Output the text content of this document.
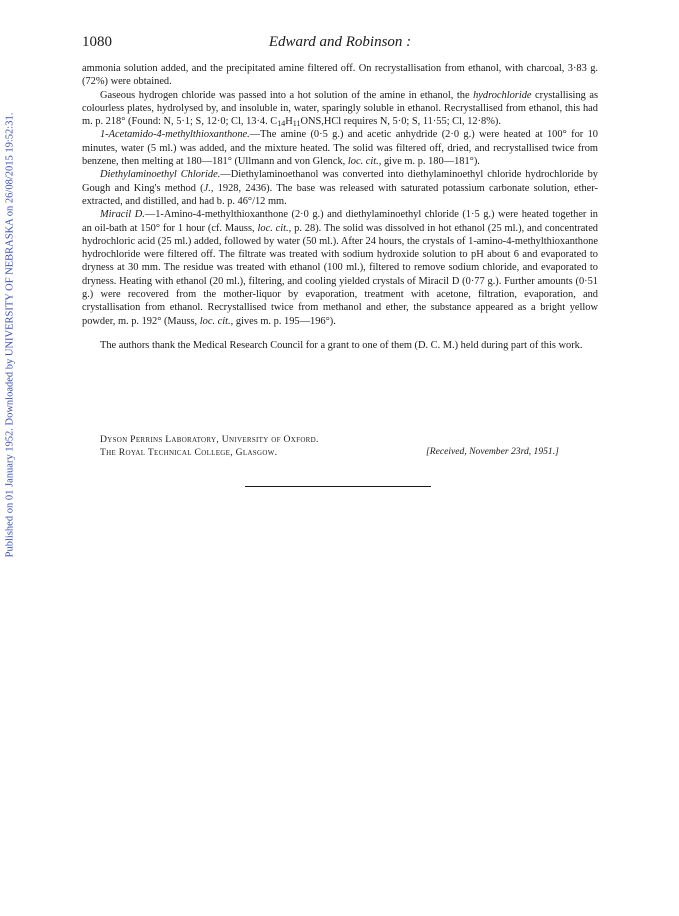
Published on 01 January 1952. Downloaded by UNIVERSITY OF NEBRASKA on 26/08/2015 19:52:31.
1080	Edward and Robinson :

ammonia solution added, and the precipitated amine filtered off. On recrystallisation from ethanol, with charcoal, 3·83 g. (72%) were obtained.

Gaseous hydrogen chloride was passed into a hot solution of the amine in ethanol, the hydrochloride crystallising as colourless plates, hydrolysed by, and insoluble in, water, sparingly soluble in ethanol. Recrystallised from ethanol, this had m. p. 218° (Found: N, 5·1; S, 12·0; Cl, 13·4. $C_{14}H_{11}ONS,HCl$ requires N, 5·0; S, 11·55; Cl, 12·8%).

1-Acetamido-4-methylthioxanthone.—The amine (0·5 g.) and acetic anhydride (2·0 g.) were heated at 100° for 10 minutes, water (5 ml.) was added, and the mixture heated. The solid was filtered off, dried, and recrystallised twice from benzene, then melting at 180—181° (Ullmann and von Glenck, loc. cit., give m. p. 180—181°).

Diethylaminoethyl Chloride.—Diethylaminoethanol was converted into diethylaminoethyl chloride hydrochloride by Gough and King's method (J., 1928, 2436). The base was released with saturated potassium carbonate solution, ether-extracted, and distilled, and had b. p. 46°/12 mm.

Miracil D.—1-Amino-4-methylthioxanthone (2·0 g.) and diethylaminoethyl chloride (1·5 g.) were heated together in an oil-bath at 150° for 1 hour (cf. Mauss, loc. cit., p. 28). The solid was dissolved in hot ethanol (25 ml.), and concentrated hydrochloric acid (25 ml.) added, followed by water (50 ml.). After 24 hours, the crystals of 1-amino-4-methylthioxanthone hydrochloride were filtered off. The filtrate was treated with sodium hydroxide solution to pH about 6 and evaporated to dryness at 30 mm. The residue was treated with ethanol (100 ml.), filtered to remove sodium chloride, and evaporated to dryness. Heating with ethanol (20 ml.), filtering, and cooling yielded crystals of Miracil D (0·77 g.). Further amounts (0·51 g.) were recovered from the mother-liquor by evaporation, treatment with acetone, filtration, evaporation, and crystallisation from ethanol. Recrystallised twice from methanol and ether, the substance appeared as a bright yellow powder, m. p. 192° (Mauss, loc. cit., gives m. p. 195—196°).

The authors thank the Medical Research Council for a grant to one of them (D. C. M.) held during part of this work.

Dyson Perrins Laboratory, University of Oxford.
The Royal Technical College, Glasgow.	[Received, November 23rd, 1951.]
